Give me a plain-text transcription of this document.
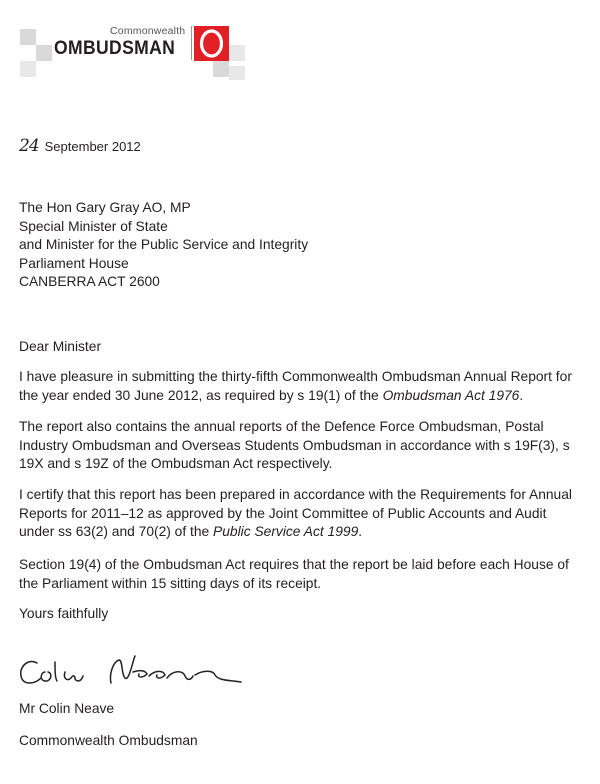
Commonwealth
OMBUDSMAN
24 September 2012
The Hon Gary Gray AO, MP
Special Minister of State
and Minister for the Public Service and Integrity
Parliament House
CANBERRA ACT 2600

Dear Minister

I have pleasure in submitting the thirty-fifth Commonwealth Ombudsman Annual Report for the year ended 30 June 2012, as required by s 19(1) of the Ombudsman Act 1976.

The report also contains the annual reports of the Defence Force Ombudsman, Postal Industry Ombudsman and Overseas Students Ombudsman in accordance with s 19F(3), s 19X and s 19Z of the Ombudsman Act respectively.

I certify that this report has been prepared in accordance with the Requirements for Annual Reports for 2011–12 as approved by the Joint Committee of Public Accounts and Audit under ss 63(2) and 70(2) of the Public Service Act 1999.

Section 19(4) of the Ombudsman Act requires that the report be laid before each House of the Parliament within 15 sitting days of its receipt.

Yours faithfully

Mr Colin Neave

Commonwealth Ombudsman
